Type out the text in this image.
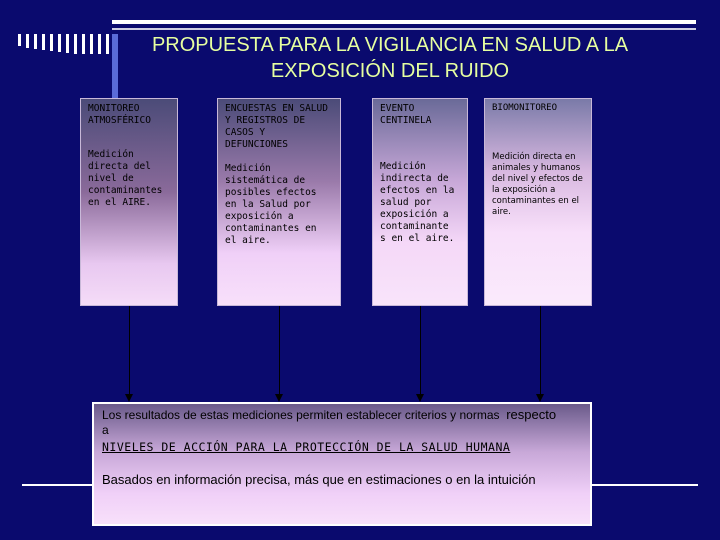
PROPUESTA PARA LA VIGILANCIA EN SALUD A LA
EXPOSICIÓN DEL RUIDO
MONITOREO ATMOSFÉRICO
Medición directa del nivel de contaminantes en el AIRE.
ENCUESTAS EN SALUD Y REGISTROS DE CASOS Y DEFUNCIONES
Medición sistemática de posibles efectos en la Salud por exposición a contaminantes en el aire.
EVENTO CENTINELA
Medición indirecta de efectos en la salud por exposición a contaminante s en el aire.
BIOMONITOREO
Medición directa en animales y humanos del nivel y efectos de la exposición a contaminantes en el aire.
Los resultados de estas mediciones permiten establecer criterios y normas respecto
a
NIVELES DE ACCIÓN PARA LA PROTECCIÓN DE LA SALUD HUMANA
Basados en información precisa, más que en estimaciones o en la intuición
